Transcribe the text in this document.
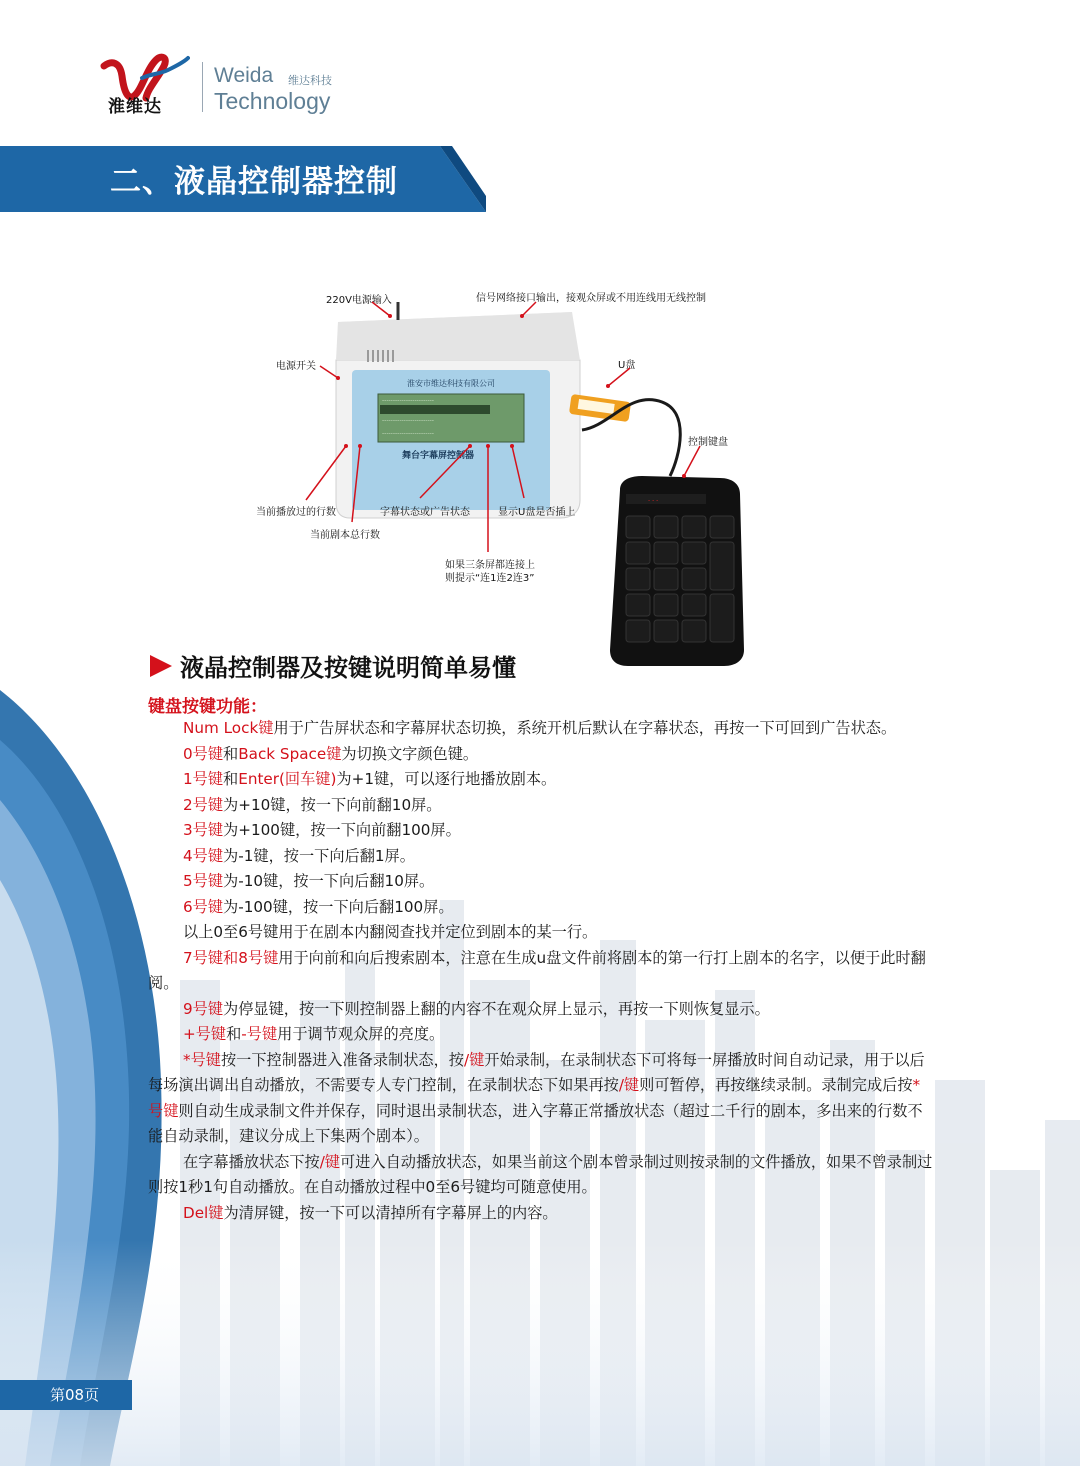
淮维达
Weida 维达科技
Technology
二、液晶控制器控制
淮安市维达科技有限公司
------------------------
------------------------
------------------------
舞台字幕屏控制器
- - -
220V电源输入	信号网络接口输出，接观众屏或不用连线用无线控制
电源开关	U盘
控制键盘
当前播放过的行数
当前剧本总行数
字幕状态或广告状态	显示U盘是否插上
如果三条屏都连接上
则提示“连1连2连3”
液晶控制器及按键说明简单易懂
键盘按键功能：

Num Lock键用于广告屏状态和字幕屏状态切换，系统开机后默认在字幕状态，再按一下可回到广告状态。

0号键和Back Space键为切换文字颜色键。

1号键和Enter(回车键)为+1键，可以逐行地播放剧本。

2号键为+10键，按一下向前翻10屏。

3号键为+100键，按一下向前翻100屏。

4号键为-1键，按一下向后翻1屏。

5号键为-10键，按一下向后翻10屏。

6号键为-100键，按一下向后翻100屏。

以上0至6号键用于在剧本内翻阅查找并定位到剧本的某一行。

7号键和8号键用于向前和向后搜索剧本，注意在生成u盘文件前将剧本的第一行打上剧本的名字，以便于此时翻阅。

9号键为停显键，按一下则控制器上翻的内容不在观众屏上显示，再按一下则恢复显示。

+号键和-号键用于调节观众屏的亮度。

*号键按一下控制器进入准备录制状态，按/键开始录制，在录制状态下可将每一屏播放时间自动记录，用于以后每场演出调出自动播放，不需要专人专门控制，在录制状态下如果再按/键则可暂停，再按继续录制。录制完成后按*号键则自动生成录制文件并保存，同时退出录制状态，进入字幕正常播放状态（超过二千行的剧本，多出来的行数不能自动录制，建议分成上下集两个剧本）。

在字幕播放状态下按/键可进入自动播放状态，如果当前这个剧本曾录制过则按录制的文件播放，如果不曾录制过则按1秒1句自动播放。在自动播放过程中0至6号键均可随意使用。

Del键为清屏键，按一下可以清掉所有字幕屏上的内容。

第08页
